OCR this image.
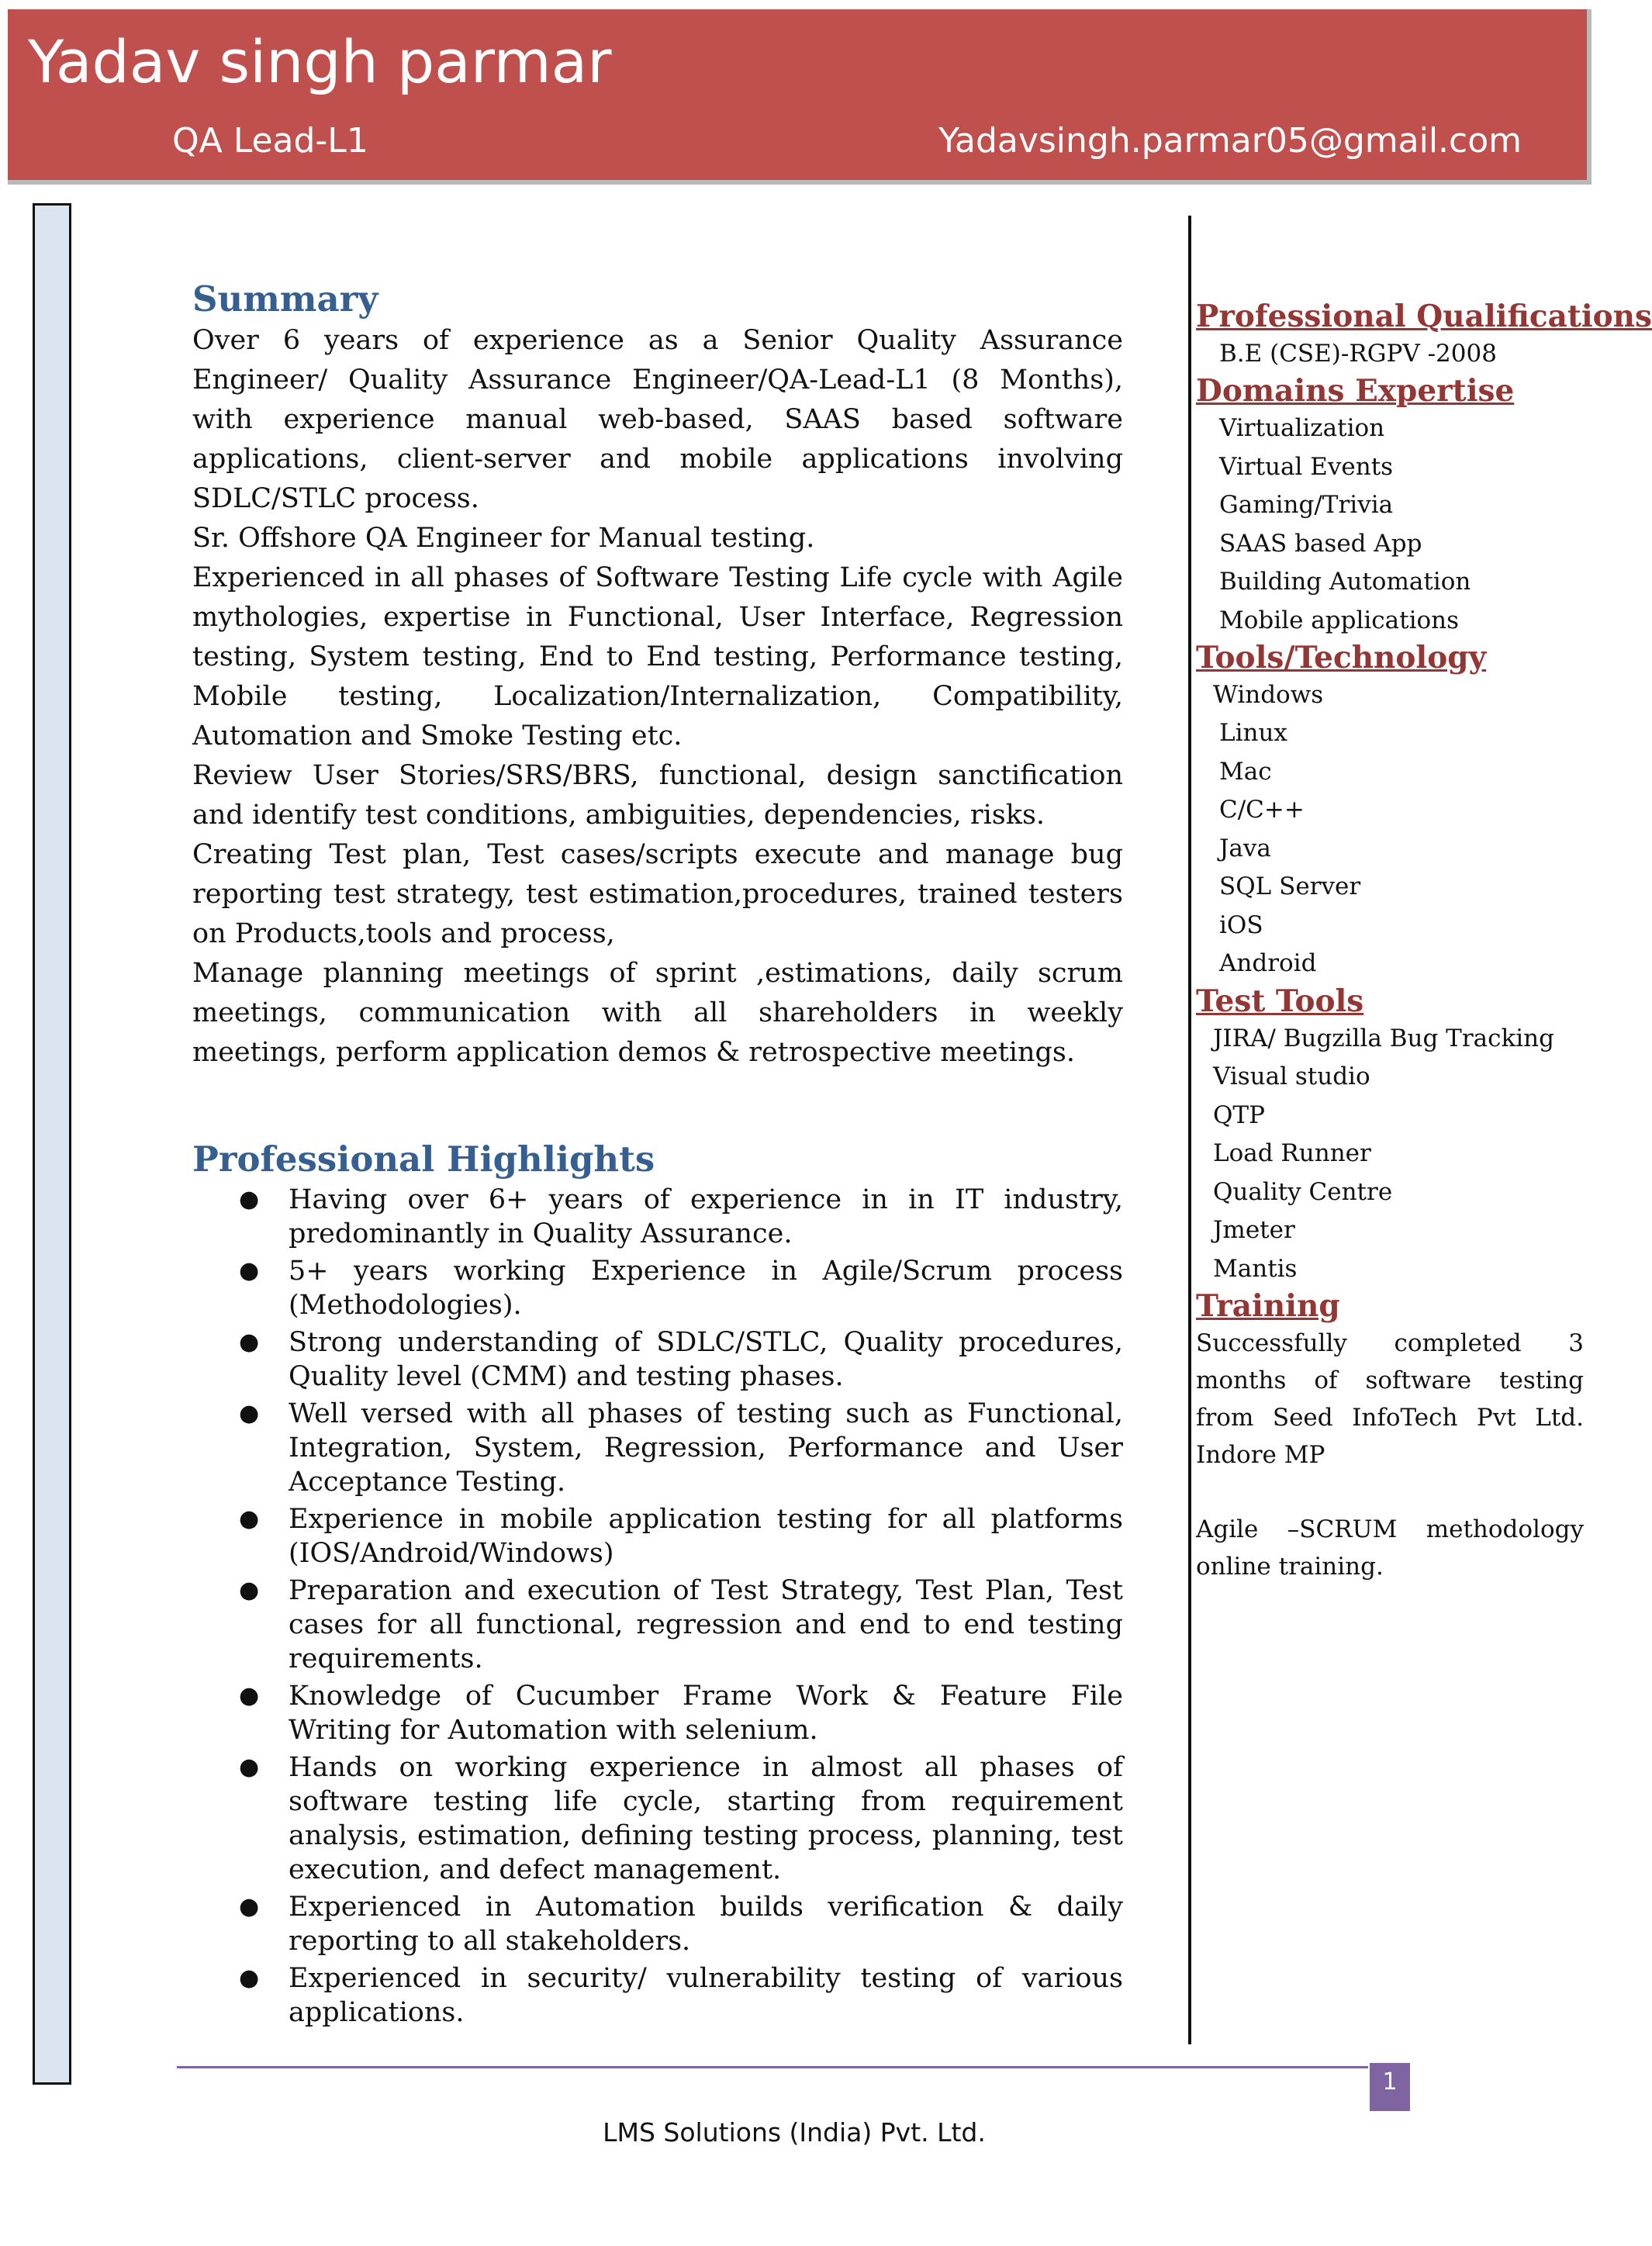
Yadav singh parmar
QA Lead-L1	Yadavsingh.parmar05@gmail.com
Summary

Over 6 years of experience as a Senior Quality Assurance Engineer/ Quality Assurance Engineer/QA-Lead-L1 (8 Months), with experience manual web-based, SAAS based software applications, client-server and mobile applications involving SDLC/STLC process.

Sr. Offshore QA Engineer for Manual testing.

Experienced in all phases of Software Testing Life cycle with Agile mythologies, expertise in Functional, User Interface, Regression testing, System testing, End to End testing, Performance testing, Mobile testing, Localization/Internalization, Compatibility, Automation and Smoke Testing etc.

Review User Stories/SRS/BRS, functional, design sanctification and identify test conditions, ambiguities, dependencies, risks.

Creating Test plan, Test cases/scripts execute and manage bug reporting test strategy, test estimation,procedures, trained testers on Products,tools and process,

Manage planning meetings of sprint ,estimations, daily scrum meetings, communication with all shareholders in weekly meetings, perform application demos & retrospective meetings.

Professional Highlights
● Having over 6+ years of experience in in IT industry, predominantly in Quality Assurance.
● 5+ years working Experience in Agile/Scrum process (Methodologies).
● Strong understanding of SDLC/STLC, Quality procedures, Quality level (CMM) and testing phases.
● Well versed with all phases of testing such as Functional, Integration, System, Regression, Performance and User Acceptance Testing.
● Experience in mobile application testing for all platforms (IOS/Android/Windows)
● Preparation and execution of Test Strategy, Test Plan, Test cases for all functional, regression and end to end testing requirements.
● Knowledge of Cucumber Frame Work & Feature File Writing for Automation with selenium.
● Hands on working experience in almost all phases of software testing life cycle, starting from requirement analysis, estimation, defining testing process, planning, test execution, and defect management.
● Experienced in Automation builds verification & daily reporting to all stakeholders.
● Experienced in security/ vulnerability testing of various applications.
Professional Qualifications

B.E (CSE)-RGPV -2008

Domains Expertise

Virtualization

Virtual Events

Gaming/Trivia

SAAS based App

Building Automation

Mobile applications

Tools/Technology

Windows

Linux

Mac

C/C++

Java

SQL Server

iOS

Android

Test Tools

JIRA/ Bugzilla Bug Tracking

Visual studio

QTP

Load Runner

Quality Centre

Jmeter

Mantis

Training

Successfully completed 3 months of software testing from Seed InfoTech Pvt Ltd. Indore MP

Agile –SCRUM methodology online training.

1
LMS Solutions (India) Pvt. Ltd.
